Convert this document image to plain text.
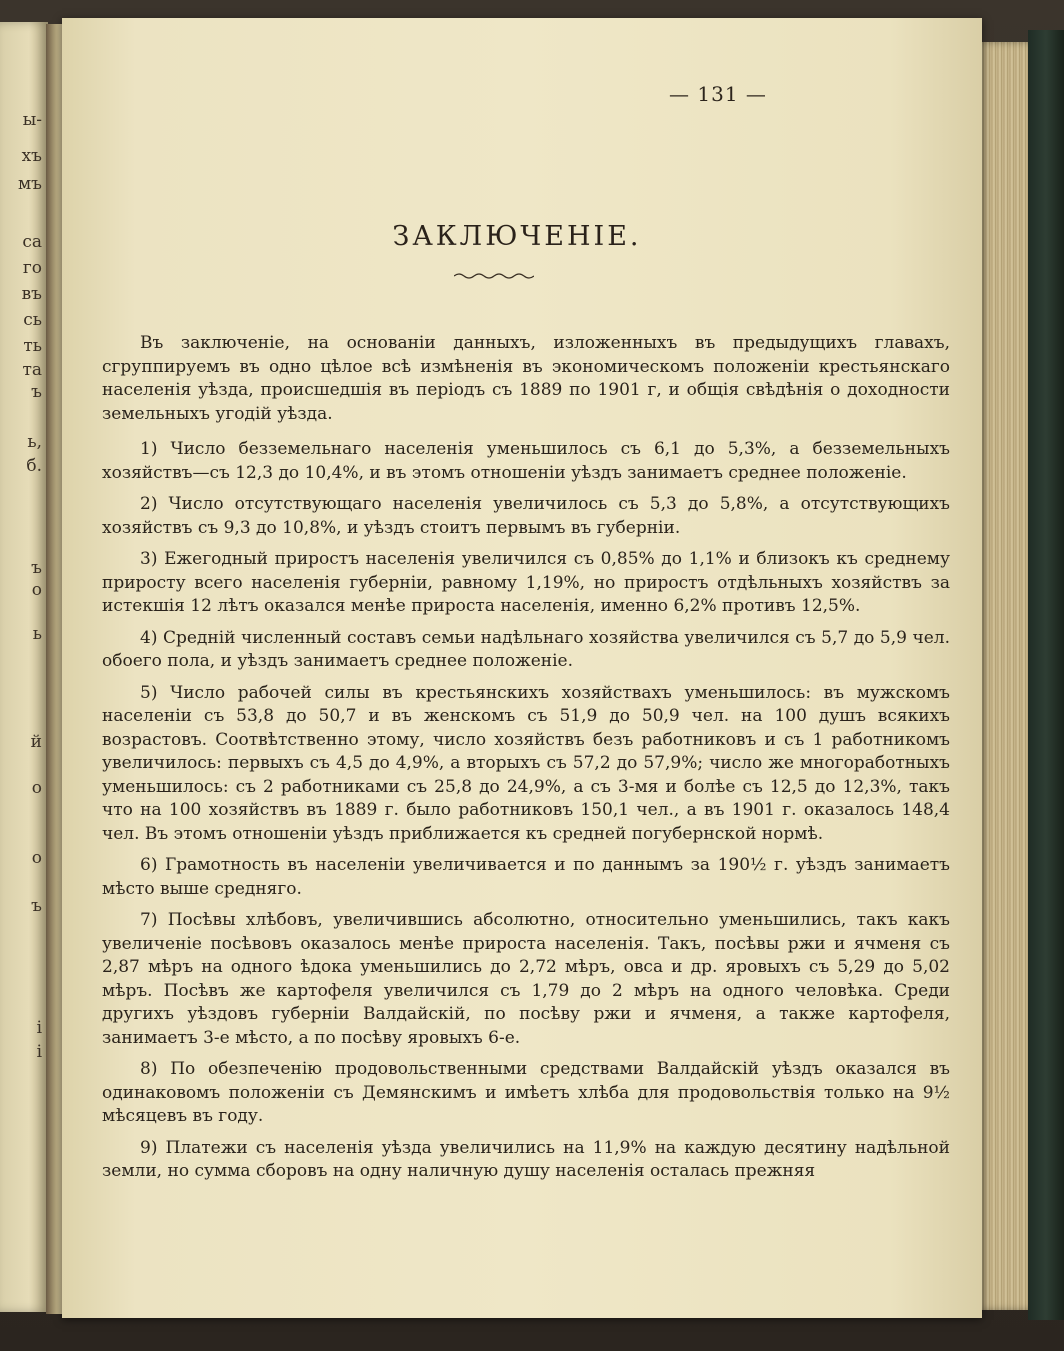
ы-
хъ
мъ
са
го
въ
сь
ть
та
ъ
ь,
б.
ъ
о
ь
й
о
о
ъ
і
і
— 131 —
ЗАКЛЮЧЕНІЕ.

Въ заключеніе, на основаніи данныхъ, изложенныхъ въ предыдущихъ главахъ, сгруппируемъ въ одно цѣлое всѣ измѣненія въ экономическомъ положеніи крестьянскаго населенія уѣзда, происшедшія въ періодъ съ 1889 по 1901 г, и общія свѣдѣнія о доходности земельныхъ угодій уѣзда.

1) Число безземельнаго населенія уменьшилось съ 6,1 до 5,3%, а безземельныхъ хозяйствъ—съ 12,3 до 10,4%, и въ этомъ отношеніи уѣздъ занимаетъ среднее положеніе.

2) Число отсутствующаго населенія увеличилось съ 5,3 до 5,8%, а отсутствующихъ хозяйствъ съ 9,3 до 10,8%, и уѣздъ стоитъ первымъ въ губерніи.

3) Ежегодный приростъ населенія увеличился съ 0,85% до 1,1% и близокъ къ среднему приросту всего населенія губерніи, равному 1,19%, но приростъ отдѣльныхъ хозяйствъ за истекшія 12 лѣтъ оказался менѣе прироста населенія, именно 6,2% противъ 12,5%.

4) Средній численный составъ семьи надѣльнаго хозяйства увеличился съ 5,7 до 5,9 чел. обоего пола, и уѣздъ занимаетъ среднее положеніе.

5) Число рабочей силы въ крестьянскихъ хозяйствахъ уменьшилось: въ мужскомъ населеніи съ 53,8 до 50,7 и въ женскомъ съ 51,9 до 50,9 чел. на 100 душъ всякихъ возрастовъ. Соотвѣтственно этому, число хозяйствъ безъ работниковъ и съ 1 работникомъ увеличилось: первыхъ съ 4,5 до 4,9%, а вторыхъ съ 57,2 до 57,9%; число же многоработныхъ уменьшилось: съ 2 работниками съ 25,8 до 24,9%, а съ 3-мя и болѣе съ 12,5 до 12,3%, такъ что на 100 хозяйствъ въ 1889 г. было работниковъ 150,1 чел., а въ 1901 г. оказалось 148,4 чел. Въ этомъ отношеніи уѣздъ приближается къ средней погубернской нормѣ.

6) Грамотность въ населеніи увеличивается и по даннымъ за 190½ г. уѣздъ занимаетъ мѣсто выше средняго.

7) Посѣвы хлѣбовъ, увеличившись абсолютно, относительно уменьшились, такъ какъ увеличеніе посѣвовъ оказалось менѣе прироста населенія. Такъ, посѣвы ржи и ячменя съ 2,87 мѣръ на одного ѣдока уменьшились до 2,72 мѣръ, овса и др. яровыхъ съ 5,29 до 5,02 мѣръ. Посѣвъ же картофеля увеличился съ 1,79 до 2 мѣръ на одного человѣка. Среди другихъ уѣздовъ губерніи Валдайскій, по посѣву ржи и ячменя, а также картофеля, занимаетъ 3-е мѣсто, а по посѣву яровыхъ 6-е.

8) По обезпеченію продовольственными средствами Валдайскій уѣздъ оказался въ одинаковомъ положеніи съ Демянскимъ и имѣетъ хлѣба для продовольствія только на 9½ мѣсяцевъ въ году.

9) Платежи съ населенія уѣзда увеличились на 11,9% на каждую десятину надѣльной земли, но сумма сборовъ на одну наличную душу населенія осталась прежняя
